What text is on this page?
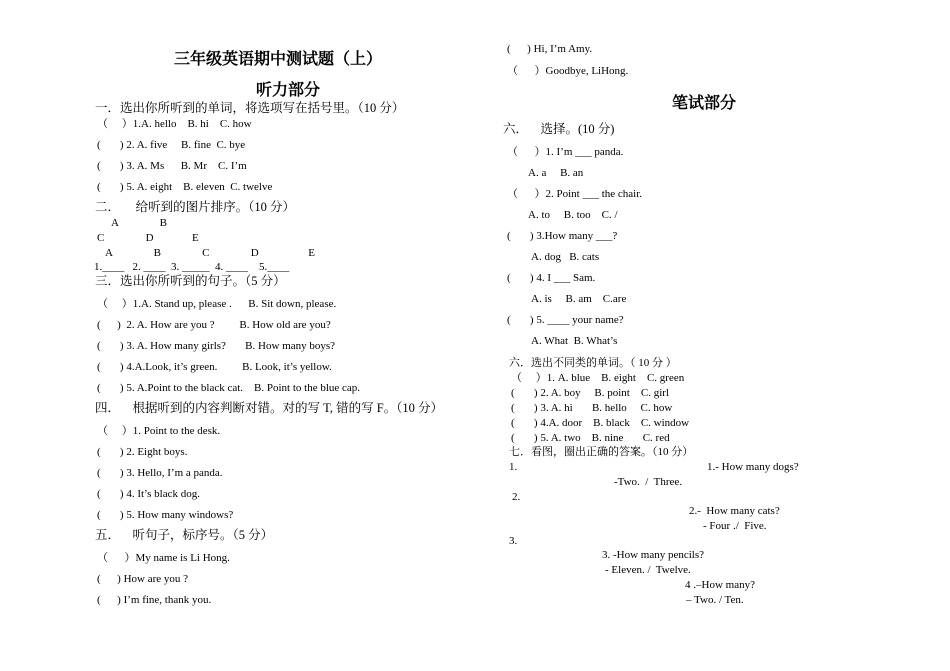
三年级英语期中测试题（上）
听力部分
一．选出你所听到的单词，将选项写在括号里。（10 分）
（     ）1.A. hello    B. hi    C. how
(       ) 2. A. five     B. fine  C. bye
(       ) 3. A. Ms      B. Mr    C. I’m
(       ) 5. A. eight    B. eleven  C. twelve
二．     给听到的图片排序。（10 分）
A               B
C               D              E
A               B               C               D                  E
1.____   2. ____  3. _____  4. ____    5.____
三．选出你所听到的句子。（5 分）
（     ）1.A. Stand up, please .      B. Sit down, please.
(      )  2. A. How are you ?         B. How old are you?
(       ) 3. A. How many girls?       B. How many boys?
(       ) 4.A.Look, it’s green.         B. Look, it’s yellow.
(       ) 5. A.Point to the black cat.    B. Point to the blue cap.
四．    根据听到的内容判断对错。对的写 T, 错的写 F。（10 分）
（     ）1. Point to the desk.
(       ) 2. Eight boys.
(       ) 3. Hello, I’m a panda.
(       ) 4. It’s black dog.
(       ) 5. How many windows?
五．    听句子，标序号。（5 分）
（      ）My name is Li Hong.
(      ) How are you ?
(      ) I’m fine, thank you.
(      ) Hi, I’m Amy.
（      ）Goodbye, LiHong.
笔试部分
六．    选择。(10 分)
（      ）1. I’m ___ panda.
A. a     B. an
（      ）2. Point ___ the chair.
A. to     B. too    C. /
(       ) 3.How many ___?
A. dog   B. cats
(       ) 4. I ___ Sam.
A. is     B. am    C.are
(       ) 5. ____ your name?
A. What  B. What’s
六．选出不同类的单词。（ 10 分 ）
（     ）1. A. blue    B. eight    C. green
(       ) 2. A. boy     B. point    C. girl
(       ) 3. A. hi       B. hello     C. how
(       ) 4.A. door    B. black    C. window
(       ) 5. A. two    B. nine       C. red
七．看图，圈出正确的答案。（10 分）
1.	1.- How many dogs?
-Two.  /  Three.
2.
2.-  How many cats?
- Four ./  Five.
3.
3. -How many pencils?
- Eleven. /  Twelve.
4 .–How many?
– Two. / Ten.
